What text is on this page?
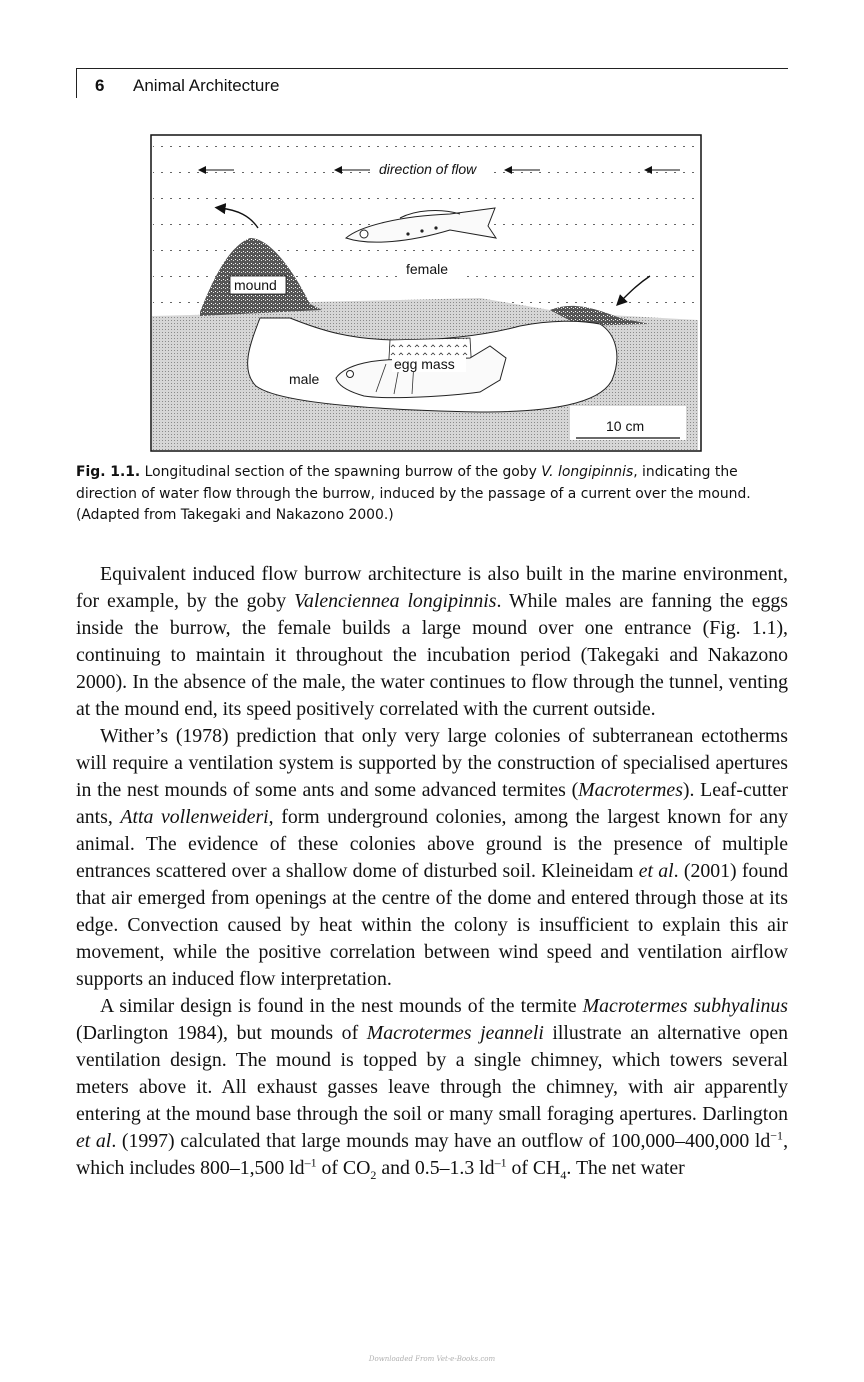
6 Animal Architecture
direction of flow
female
mound
egg mass
male
10 cm
Fig. 1.1. Longitudinal section of the spawning burrow of the goby V. longipinnis, indicating the direction of water flow through the burrow, induced by the passage of a current over the mound. (Adapted from Takegaki and Nakazono 2000.)

Equivalent induced flow burrow architecture is also built in the marine environment, for example, by the goby Valenciennea longipinnis. While males are fanning the eggs inside the burrow, the female builds a large mound over one entrance (Fig. 1.1), continuing to maintain it throughout the incubation period (Takegaki and Nakazono 2000). In the absence of the male, the water continues to flow through the tunnel, venting at the mound end, its speed positively correlated with the current outside.

Wither’s (1978) prediction that only very large colonies of subterranean ectotherms will require a ventilation system is supported by the construction of specialised apertures in the nest mounds of some ants and some advanced termites (Macrotermes). Leaf-cutter ants, Atta vollenweideri, form underground colonies, among the largest known for any animal. The evidence of these colonies above ground is the presence of multiple entrances scattered over a shallow dome of disturbed soil. Kleineidam et al. (2001) found that air emerged from openings at the centre of the dome and entered through those at its edge. Convection caused by heat within the colony is insufficient to explain this air movement, while the positive correlation between wind speed and ventilation airflow supports an induced flow interpretation.

A similar design is found in the nest mounds of the termite Macrotermes subhyalinus (Darlington 1984), but mounds of Macrotermes jeanneli illustrate an alternative open ventilation design. The mound is topped by a single chimney, which towers several meters above it. All exhaust gasses leave through the chimney, with air apparently entering at the mound base through the soil or many small foraging apertures. Darlington et al. (1997) calculated that large mounds may have an outflow of 100,000–400,000 $ld^{-1}$, which includes 800–1,500 $ld^{-1}$ of $CO_2$ and 0.5–1.3 $ld^{-1}$ of $CH_4$. The net water

Downloaded From Vet-e-Books.com
